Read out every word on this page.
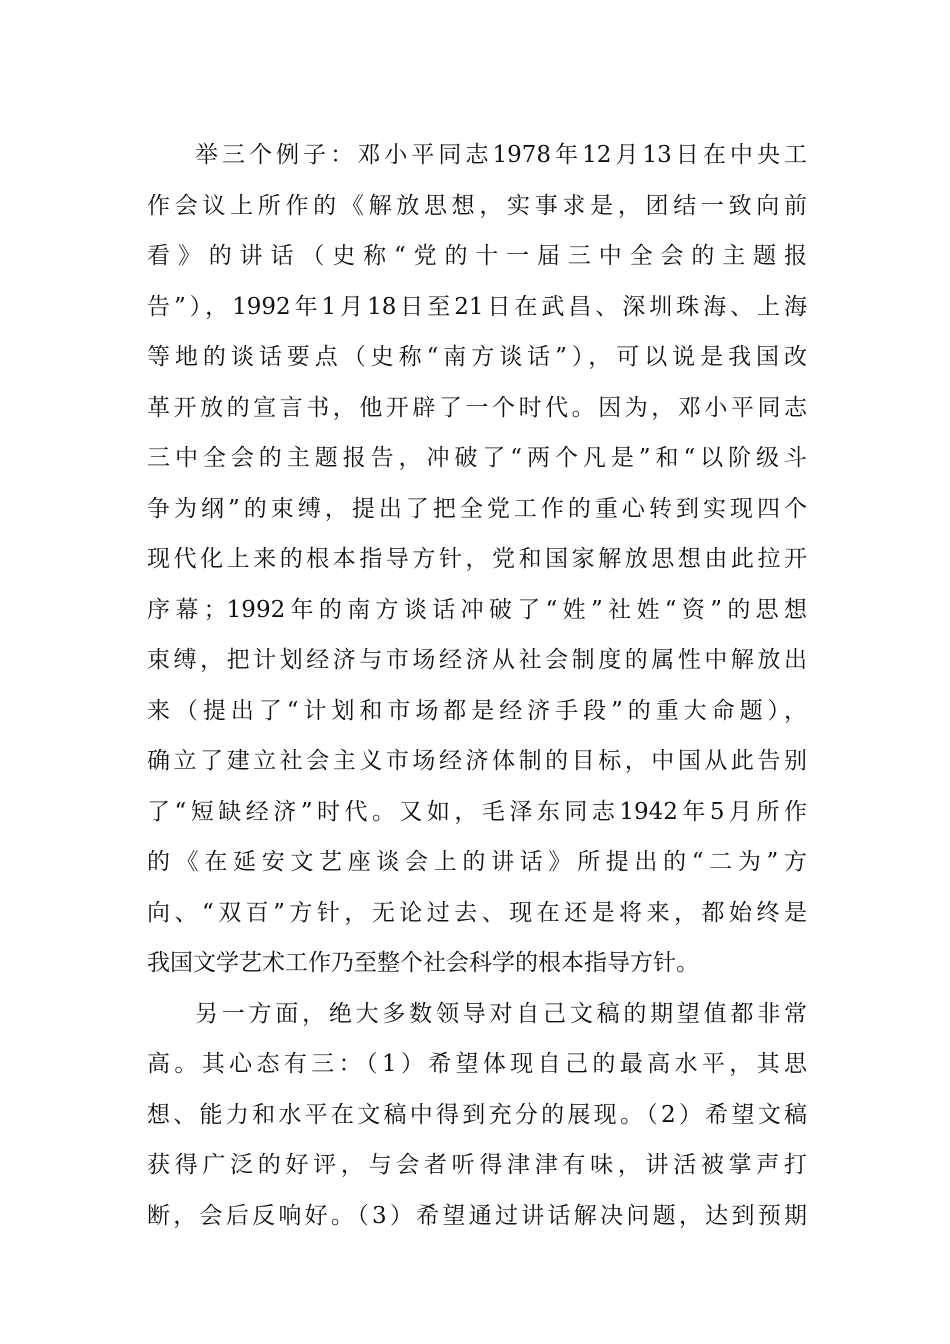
举三个例子：邓小平同志1978年12月13日在中央工
作会议上所作的《解放思想，实事求是，团结一致向前
看》的讲话（史称“党的十一届三中全会的主题报
告”），1992年1月18日至21日在武昌、深圳珠海、上海
等地的谈话要点（史称“南方谈话”），可以说是我国改
革开放的宣言书，他开辟了一个时代。因为，邓小平同志
三中全会的主题报告，冲破了“两个凡是”和“以阶级斗
争为纲”的束缚，提出了把全党工作的重心转到实现四个
现代化上来的根本指导方针，党和国家解放思想由此拉开
序幕；1992年的南方谈话冲破了“姓”社姓“资”的思想
束缚，把计划经济与市场经济从社会制度的属性中解放出
来（提出了“计划和市场都是经济手段”的重大命题），
确立了建立社会主义市场经济体制的目标，中国从此告别
了“短缺经济”时代。又如，毛泽东同志1942年5月所作
的《在延安文艺座谈会上的讲话》所提出的“二为”方
向、“双百”方针，无论过去、现在还是将来，都始终是
我国文学艺术工作乃至整个社会科学的根本指导方针。
另一方面，绝大多数领导对自己文稿的期望值都非常
高。其心态有三：（1）希望体现自己的最高水平，其思
想、能力和水平在文稿中得到充分的展现。（2）希望文稿
获得广泛的好评，与会者听得津津有味，讲活被掌声打
断，会后反响好。（3）希望通过讲话解决问题，达到预期
